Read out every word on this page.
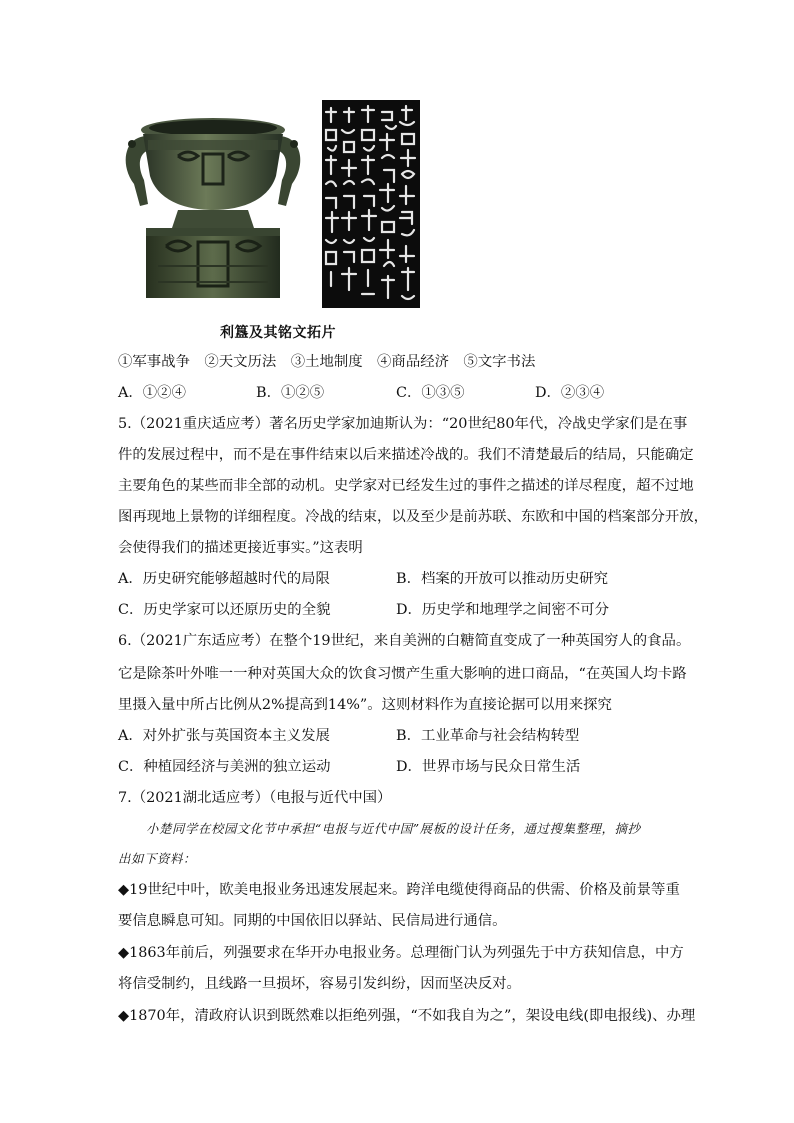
利簋及其铭文拓片
①军事战争　②天文历法　③土地制度　④商品经济　⑤文字书法
A．①②④	B．①②⑤	C．①③⑤	D．②③④
5.（2021重庆适应考）著名历史学家加迪斯认为：“20世纪80年代，冷战史学家们是在事
件的发展过程中，而不是在事件结束以后来描述冷战的。我们不清楚最后的结局，只能确定
主要角色的某些而非全部的动机。史学家对已经发生过的事件之描述的详尽程度，超不过地
图再现地上景物的详细程度。冷战的结束，以及至少是前苏联、东欧和中国的档案部分开放，
会使得我们的描述更接近事实。”这表明
A．历史研究能够超越时代的局限	B．档案的开放可以推动历史研究
C．历史学家可以还原历史的全貌	D．历史学和地理学之间密不可分
6.（2021广东适应考）在整个19世纪，来自美洲的白糖简直变成了一种英国穷人的食品。
它是除茶叶外唯一一种对英国大众的饮食习惯产生重大影响的进口商品，“在英国人均卡路
里摄入量中所占比例从2%提高到14%”。这则材料作为直接论据可以用来探究
A．对外扩张与英国资本主义发展	B．工业革命与社会结构转型
C．种植园经济与美洲的独立运动	D．世界市场与民众日常生活
7.（2021湖北适应考）（电报与近代中国）
小楚同学在校园文化节中承担“电报与近代中国”展板的设计任务，通过搜集整理，摘抄
出如下资料：
◆19世纪中叶，欧美电报业务迅速发展起来。跨洋电缆使得商品的供需、价格及前景等重
要信息瞬息可知。同期的中国依旧以驿站、民信局进行通信。
◆1863年前后，列强要求在华开办电报业务。总理衙门认为列强先于中方获知信息，中方
将信受制约，且线路一旦损坏，容易引发纠纷，因而坚决反对。
◆1870年，清政府认识到既然难以拒绝列强，“不如我自为之”，架设电线(即电报线)、办理
